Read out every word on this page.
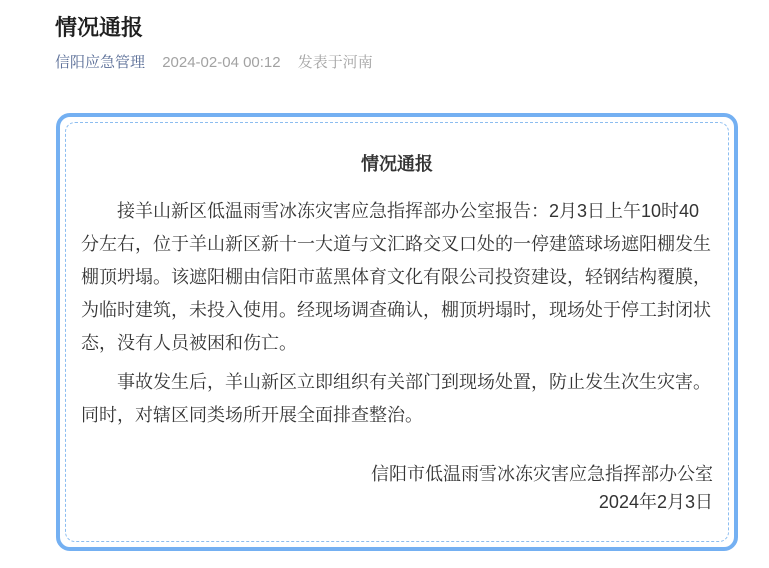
情况通报
信阳应急管理 2024-02-04 00:12 发表于河南
情况通报

接羊山新区低温雨雪冰冻灾害应急指挥部办公室报告：2月3日上午10时40分左右，位于羊山新区新十一大道与文汇路交叉口处的一停建篮球场遮阳棚发生棚顶坍塌。该遮阳棚由信阳市蓝黑体育文化有限公司投资建设，轻钢结构覆膜，为临时建筑，未投入使用。经现场调查确认，棚顶坍塌时，现场处于停工封闭状态，没有人员被困和伤亡。

事故发生后，羊山新区立即组织有关部门到现场处置，防止发生次生灾害。同时，对辖区同类场所开展全面排查整治。

信阳市低温雨雪冰冻灾害应急指挥部办公室
2024年2月3日
